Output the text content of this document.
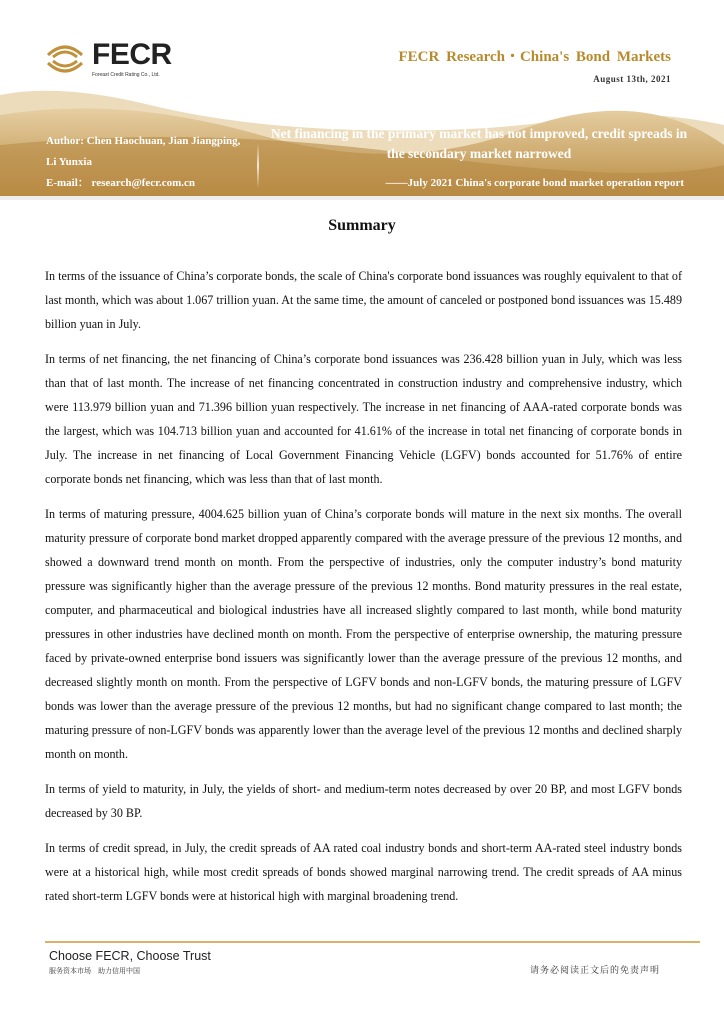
FECR
Foreast Credit Rating Co., Ltd.
FECR Research・China's Bond Markets
August 13th, 2021
Author: Chen Haochuan, Jian Jiangping,
Li Yunxia
E-mail： research@fecr.com.cn
Net financing in the primary market has not improved, credit spreads in the secondary market narrowed
——July 2021 China's corporate bond market operation report
Summary

In terms of the issuance of China’s corporate bonds, the scale of China's corporate bond issuances was roughly equivalent to that of last month, which was about 1.067 trillion yuan. At the same time, the amount of canceled or postponed bond issuances was 15.489 billion yuan in July.

In terms of net financing, the net financing of China’s corporate bond issuances was 236.428 billion yuan in July, which was less than that of last month. The increase of net financing concentrated in construction industry and comprehensive industry, which were 113.979 billion yuan and 71.396 billion yuan respectively. The increase in net financing of AAA-rated corporate bonds was the largest, which was 104.713 billion yuan and accounted for 41.61% of the increase in total net financing of corporate bonds in July. The increase in net financing of Local Government Financing Vehicle (LGFV) bonds accounted for 51.76% of entire corporate bonds net financing, which was less than that of last month.

In terms of maturing pressure, 4004.625 billion yuan of China’s corporate bonds will mature in the next six months. The overall maturity pressure of corporate bond market dropped apparently compared with the average pressure of the previous 12 months, and showed a downward trend month on month. From the perspective of industries, only the computer industry’s bond maturity pressure was significantly higher than the average pressure of the previous 12 months. Bond maturity pressures in the real estate, computer, and pharmaceutical and biological industries have all increased slightly compared to last month, while bond maturity pressures in other industries have declined month on month. From the perspective of enterprise ownership, the maturing pressure faced by private-owned enterprise bond issuers was significantly lower than the average pressure of the previous 12 months, and decreased slightly month on month. From the perspective of LGFV bonds and non-LGFV bonds, the maturing pressure of LGFV bonds was lower than the average pressure of the previous 12 months, but had no significant change compared to last month; the maturing pressure of non-LGFV bonds was apparently lower than the average level of the previous 12 months and declined sharply month on month.

In terms of yield to maturity, in July, the yields of short- and medium-term notes decreased by over 20 BP, and most LGFV bonds decreased by 30 BP.

In terms of credit spread, in July, the credit spreads of AA rated coal industry bonds and short-term AA-rated steel industry bonds were at a historical high, while most credit spreads of bonds showed marginal narrowing trend. The credit spreads of AA minus rated short-term LGFV bonds were at historical high with marginal broadening trend.

Choose FECR, Choose Trust
服务资本市场　助力信用中国	请务必阅读正文后的免责声明
